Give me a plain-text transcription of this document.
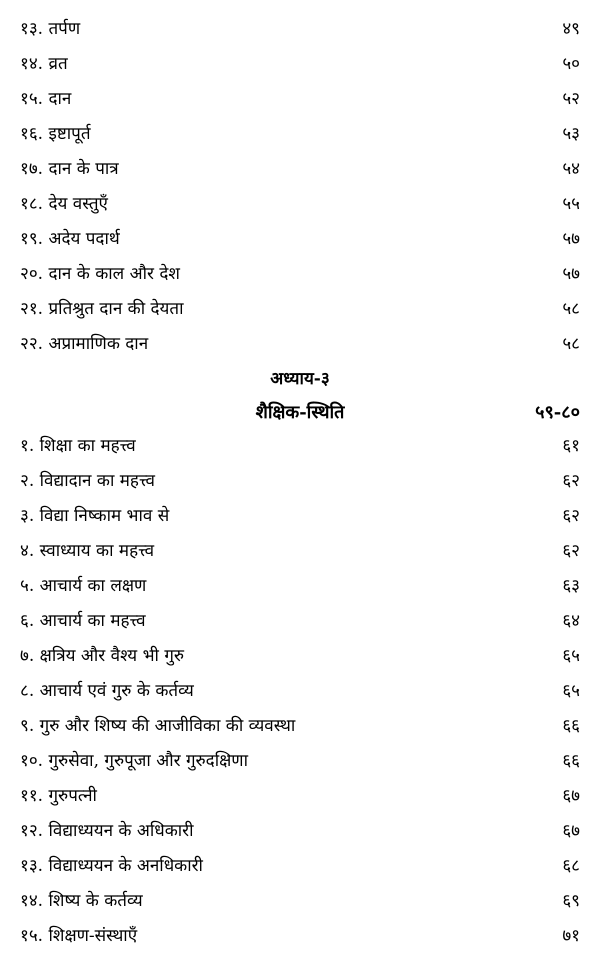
१३. तर्पण	४९
१४. व्रत	५०
१५. दान	५२
१६. इष्टापूर्त	५३
१७. दान के पात्र	५४
१८. देय वस्तुएँ	५५
१९. अदेय पदार्थ	५७
२०. दान के काल और देश	५७
२१. प्रतिश्रुत दान की देयता	५८
२२. अप्रामाणिक दान	५८
अध्याय-३
शैक्षिक-स्थिति	५९-८०
१. शिक्षा का महत्त्व	६१
२. विद्यादान का महत्त्व	६२
३. विद्या निष्काम भाव से	६२
४. स्वाध्याय का महत्त्व	६२
५. आचार्य का लक्षण	६३
६. आचार्य का महत्त्व	६४
७. क्षत्रिय और वैश्य भी गुरु	६५
८. आचार्य एवं गुरु के कर्तव्य	६५
९. गुरु और शिष्य की आजीविका की व्यवस्था	६६
१०. गुरुसेवा, गुरुपूजा और गुरुदक्षिणा	६६
११. गुरुपत्नी	६७
१२. विद्याध्ययन के अधिकारी	६७
१३. विद्याध्ययन के अनधिकारी	६८
१४. शिष्य के कर्तव्य	६९
१५. शिक्षण-संस्थाएँ	७१
